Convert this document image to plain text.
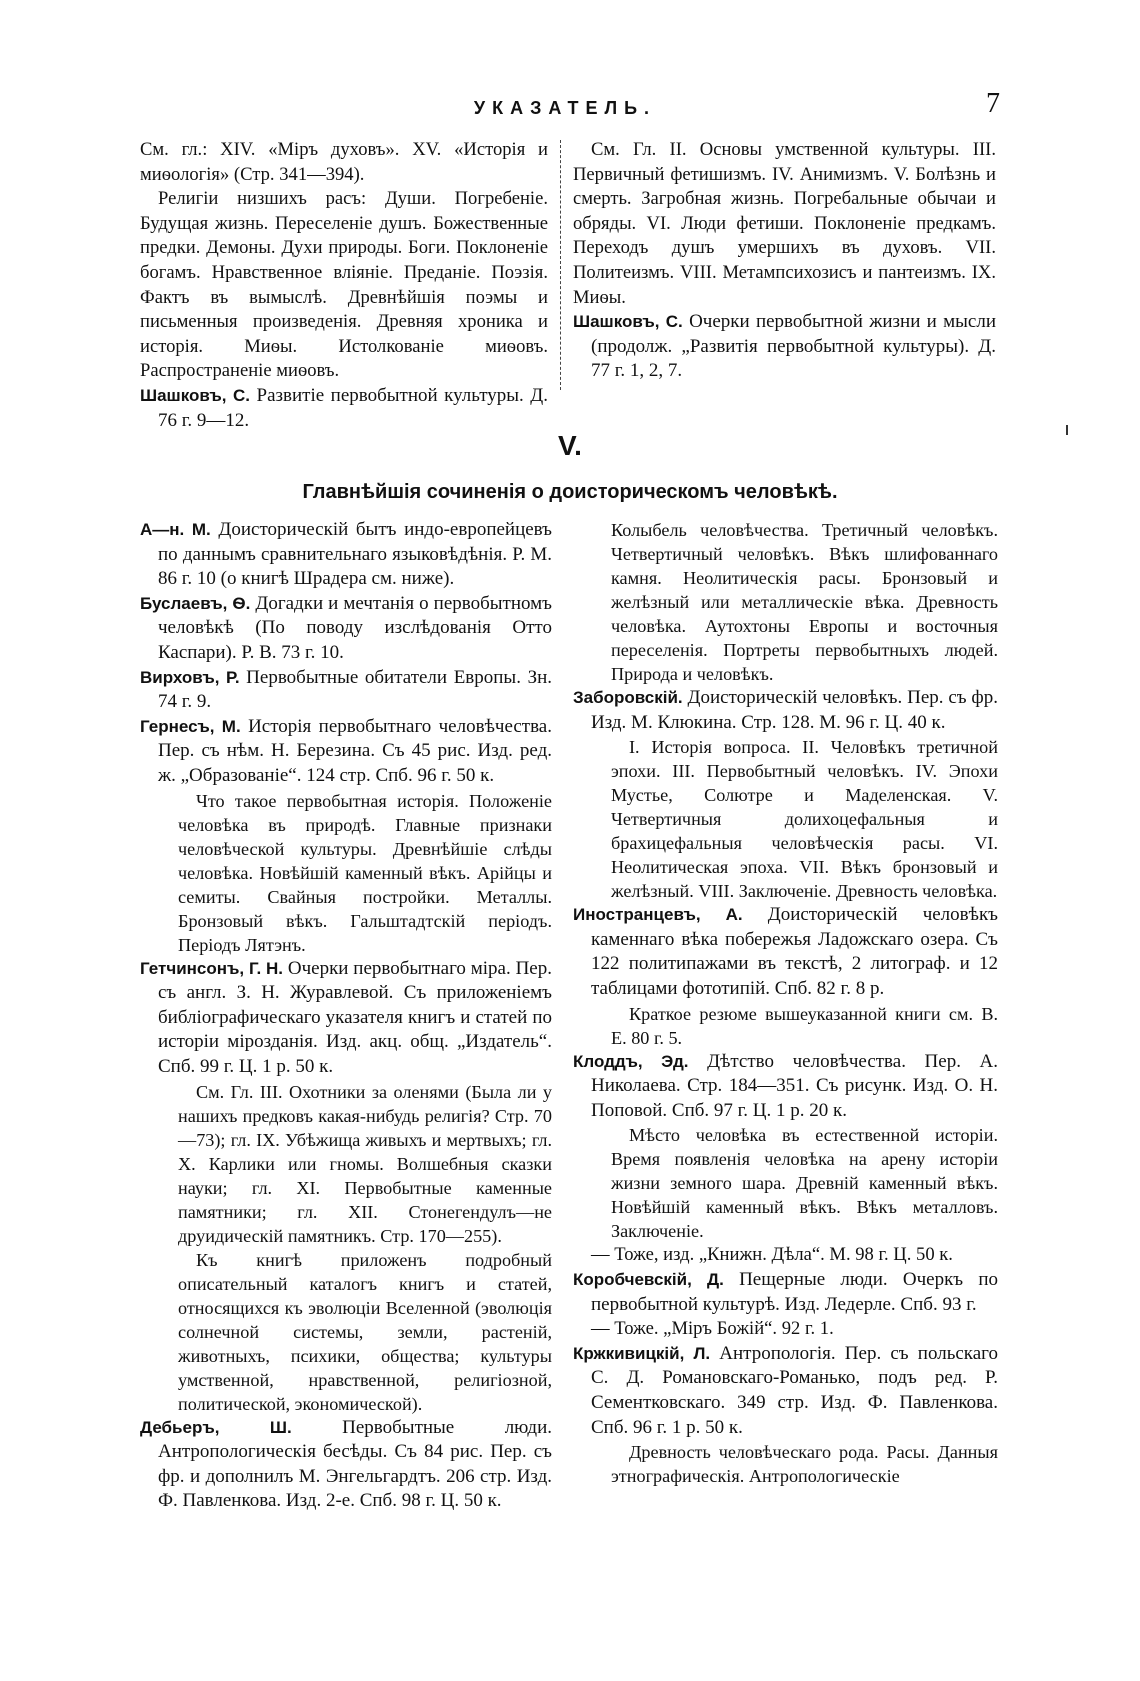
УКАЗАТЕЛЬ.	7

См. гл.: XIV. «Міръ духовъ». XV. «Исторія и миѳологія» (Стр. 341—394).

Религіи низшихъ расъ: Души. Погребеніе. Будущая жизнь. Переселеніе душъ. Божественные предки. Демоны. Духи природы. Боги. Поклоненіе богамъ. Нравственное вліяніе. Преданіе. Поэзія. Фактъ въ вымыслѣ. Древнѣйшія поэмы и письменныя произведенія. Древняя хроника и исторія. Миѳы. Истолкованіе миѳовъ. Распространеніе миѳовъ.

Шашковъ, С. Развитіе первобытной культуры. Д. 76 г. 9—12.

См. Гл. II. Основы умственной культуры. III. Первичный фетишизмъ. IV. Анимизмъ. V. Болѣзнь и смерть. Загробная жизнь. Погребальные обычаи и обряды. VI. Люди фетиши. Поклоненіе предкамъ. Переходъ душъ умершихъ въ духовъ. VII. Политеизмъ. VIII. Метампсихозисъ и пантеизмъ. IX. Миѳы.

Шашковъ, С. Очерки первобытной жизни и мысли (продолж. „Развитія первобытной культуры). Д. 77 г. 1, 2, 7.

V.
Главнѣйшія сочиненія о доисторическомъ человѣкѣ.

А—н. М. Доисторическій бытъ индо-европейцевъ по даннымъ сравнительнаго языковѣдѣнія. Р. М. 86 г. 10 (о книгѣ Шрадера см. ниже).

Буслаевъ, Ѳ. Догадки и мечтанія о первобытномъ человѣкѣ (По поводу изслѣдованія Отто Каспари). Р. В. 73 г. 10.

Вирховъ, Р. Первобытные обитатели Европы. Зн. 74 г. 9.

Гернесъ, М. Исторія первобытнаго человѣчества. Пер. съ нѣм. Н. Березина. Съ 45 рис. Изд. ред. ж. „Образованіе“. 124 стр. Спб. 96 г. 50 к.

Что такое первобытная исторія. Положеніе человѣка въ природѣ. Главные признаки человѣческой культуры. Древнѣйшіе слѣды человѣка. Новѣйшій каменный вѣкъ. Арійцы и семиты. Свайныя постройки. Металлы. Бронзовый вѣкъ. Гальштадтскій періодъ. Періодъ Лятэнъ.

Гетчинсонъ, Г. Н. Очерки первобытнаго міра. Пер. съ англ. З. Н. Журавлевой. Съ приложеніемъ библіографическаго указателя книгъ и статей по исторіи мірозданія. Изд. акц. общ. „Издатель“. Спб. 99 г. Ц. 1 р. 50 к.

См. Гл. III. Охотники за оленями (Была ли у нашихъ предковъ какая-нибудь религія? Стр. 70—73); гл. IX. Убѣжища живыхъ и мертвыхъ; гл. X. Карлики или гномы. Волшебныя сказки науки; гл. XI. Первобытные каменные памятники; гл. XII. Стонегендулъ—не друидическій памятникъ. Стр. 170—255).

Къ книгѣ приложенъ подробный описательный каталогъ книгъ и статей, относящихся къ эволюціи Вселенной (эволюція солнечной системы, земли, растеній, животныхъ, психики, общества; культуры умственной, нравственной, религіозной, политической, экономической).

Дебьеръ, Ш.	Первобытные люди. Антропологическія бесѣды. Съ 84 рис. Пер. съ фр. и дополнилъ М. Энгельгардтъ. 206 стр. Изд. Ф. Павленкова. Изд. 2-е. Спб. 98 г. Ц. 50 к.

Колыбель человѣчества. Третичный человѣкъ. Четвертичный человѣкъ. Вѣкъ шлифованнаго камня. Неолитическія расы. Бронзовый и желѣзный или металлическіе вѣка. Древность человѣка. Аутохтоны Европы и восточныя переселенія. Портреты первобытныхъ людей. Природа и человѣкъ.

Заборовскій. Доисторическій человѣкъ. Пер. съ фр. Изд. М. Клюкина. Стр. 128. М. 96 г. Ц. 40 к.

I. Исторія вопроса. II. Человѣкъ третичной эпохи. III. Первобытный человѣкъ. IV. Эпохи Мустье, Солютре и Маделенская. V. Четвертичныя долихоцефальныя и брахицефальныя человѣческія расы. VI. Неолитическая эпоха. VII. Вѣкъ бронзовый и желѣзный. VIII. Заключеніе. Древность человѣка.

Иностранцевъ, А. Доисторическій человѣкъ каменнаго вѣка побережья Ладожскаго озера. Съ 122 политипажами въ текстѣ, 2 литограф. и 12 таблицами фототипій. Спб. 82 г. 8 р.

Краткое резюме вышеуказанной книги см. В. Е. 80 г. 5.

Клоддъ, Эд. Дѣтство человѣчества. Пер. А. Николаева. Стр. 184—351. Съ рисунк. Изд. О. Н. Поповой. Спб. 97 г. Ц. 1 р. 20 к.

Мѣсто человѣка въ естественной исторіи. Время появленія человѣка на арену исторіи жизни земного шара. Древній каменный вѣкъ. Новѣйшій каменный вѣкъ. Вѣкъ металловъ. Заключеніе.

— Тоже, изд. „Книжн. Дѣла“. М. 98 г. Ц. 50 к.

Коробчевскій, Д. Пещерные люди. Очеркъ по первобытной культурѣ. Изд. Ледерле. Спб. 93 г.

— Тоже. „Міръ Божій“. 92 г. 1.

Кржкивицкій, Л. Антропологія. Пер. съ польскаго С. Д. Романовскаго-Романько, подъ ред. Р. Сементковскаго. 349 стр. Изд. Ф. Павленкова. Спб. 96 г. 1 р. 50 к.

Древность человѣческаго рода. Расы. Данныя этнографическія. Антропологическіе
